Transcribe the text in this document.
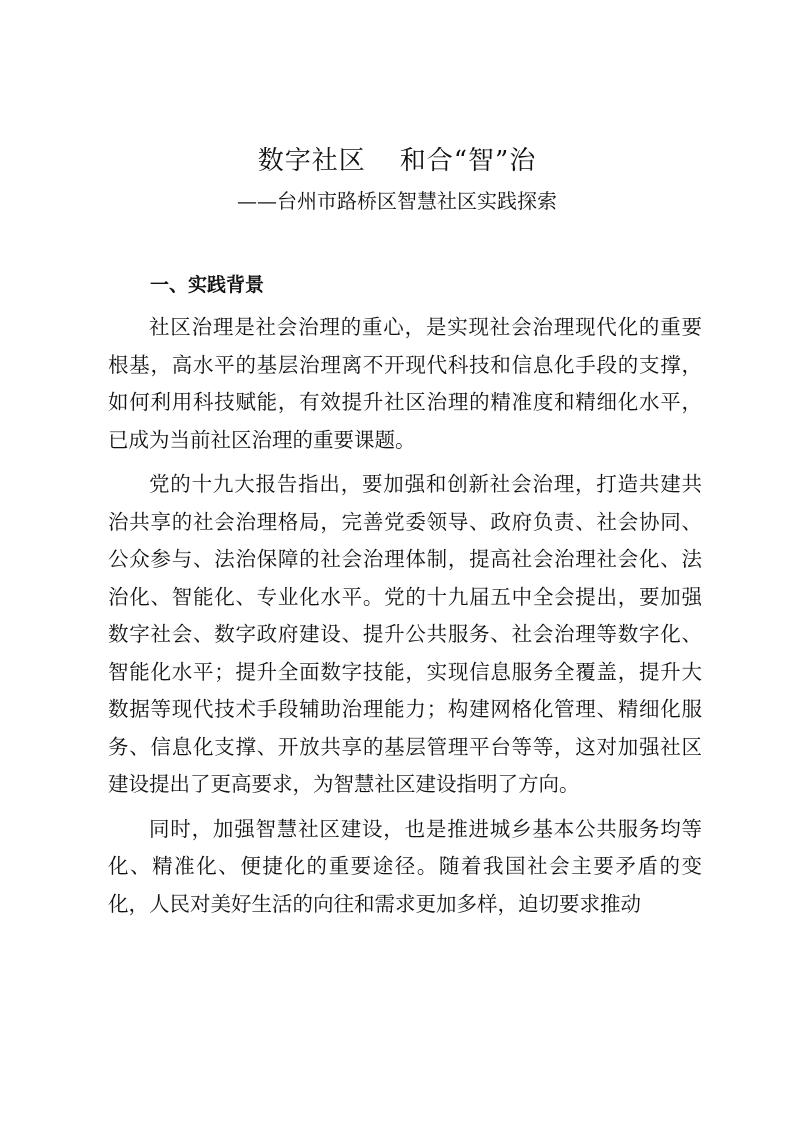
数字社区 和合“智”治
——台州市路桥区智慧社区实践探索
一、实践背景

社区治理是社会治理的重心，是实现社会治理现代化的重要根基，高水平的基层治理离不开现代科技和信息化手段的支撑，如何利用科技赋能，有效提升社区治理的精准度和精细化水平，已成为当前社区治理的重要课题。

党的十九大报告指出，要加强和创新社会治理，打造共建共治共享的社会治理格局，完善党委领导、政府负责、社会协同、公众参与、法治保障的社会治理体制，提高社会治理社会化、法治化、智能化、专业化水平。党的十九届五中全会提出，要加强数字社会、数字政府建设、提升公共服务、社会治理等数字化、智能化水平；提升全面数字技能，实现信息服务全覆盖，提升大数据等现代技术手段辅助治理能力；构建网格化管理、精细化服务、信息化支撑、开放共享的基层管理平台等等，这对加强社区建设提出了更高要求，为智慧社区建设指明了方向。

同时，加强智慧社区建设，也是推进城乡基本公共服务均等化、精准化、便捷化的重要途径。随着我国社会主要矛盾的变化，人民对美好生活的向往和需求更加多样，迫切要求推动
